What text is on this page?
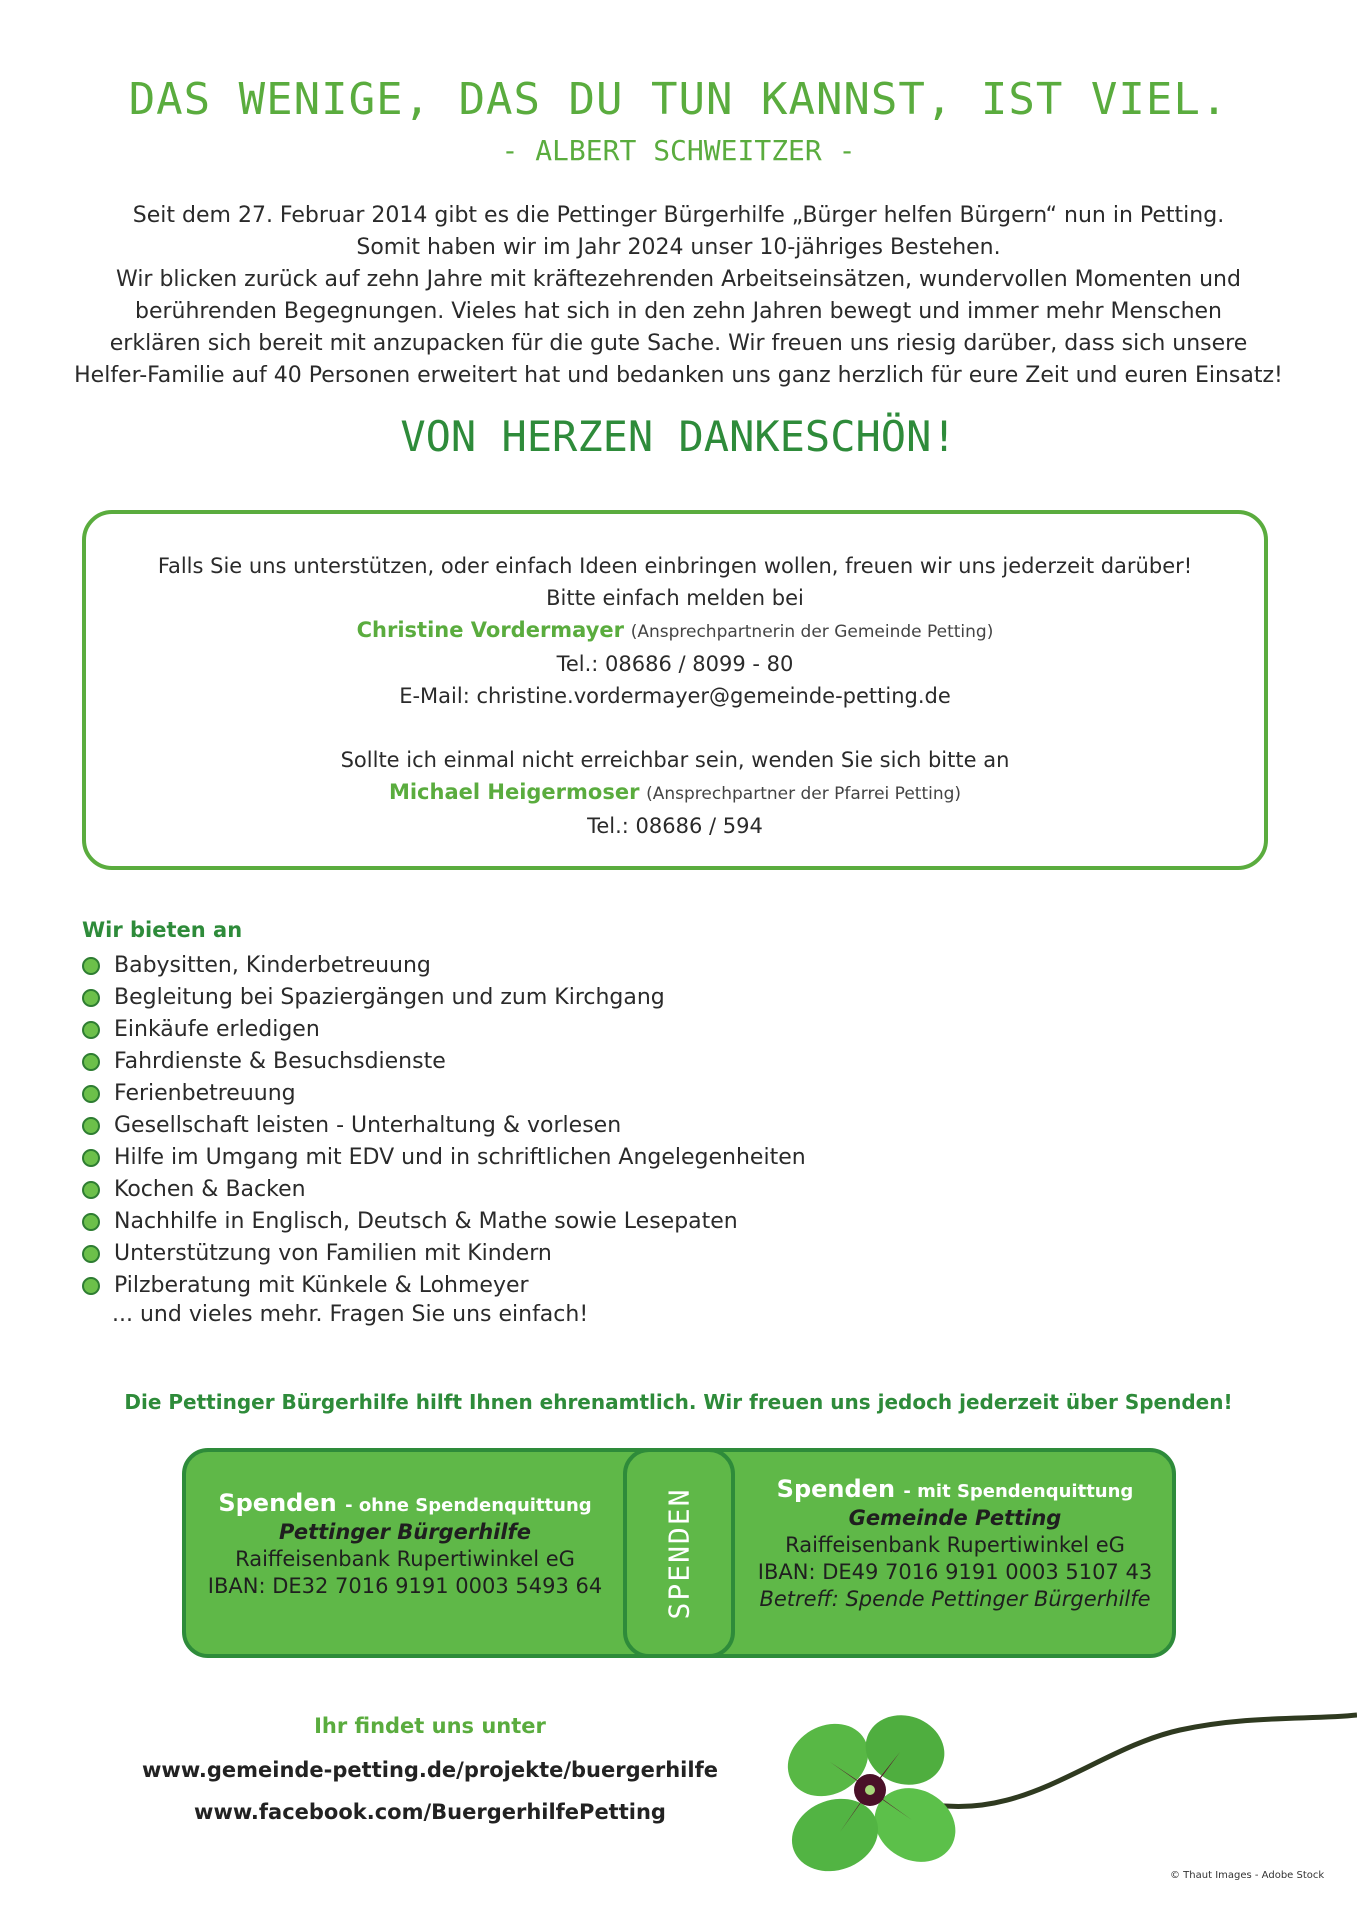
DAS WENIGE, DAS DU TUN KANNST, IST VIEL.
- ALBERT SCHWEITZER -
Seit dem 27. Februar 2014 gibt es die Pettinger Bürgerhilfe „Bürger helfen Bürgern“ nun in Petting.
Somit haben wir im Jahr 2024 unser 10-jähriges Bestehen.
Wir blicken zurück auf zehn Jahre mit kräftezehrenden Arbeitseinsätzen, wundervollen Momenten und
berührenden Begegnungen. Vieles hat sich in den zehn Jahren bewegt und immer mehr Menschen
erklären sich bereit mit anzupacken für die gute Sache. Wir freuen uns riesig darüber, dass sich unsere
Helfer-Familie auf 40 Personen erweitert hat und bedanken uns ganz herzlich für eure Zeit und euren Einsatz!
VON HERZEN DANKESCHÖN!
Falls Sie uns unterstützen, oder einfach Ideen einbringen wollen, freuen wir uns jederzeit darüber!
Bitte einfach melden bei
Christine Vordermayer (Ansprechpartnerin der Gemeinde Petting)
Tel.: 08686 / 8099 - 80
E-Mail: christine.vordermayer@gemeinde-petting.de
Sollte ich einmal nicht erreichbar sein, wenden Sie sich bitte an
Michael Heigermoser (Ansprechpartner der Pfarrei Petting)
Tel.: 08686 / 594
Wir bieten an
Babysitten, Kinderbetreuung
Begleitung bei Spaziergängen und zum Kirchgang
Einkäufe erledigen
Fahrdienste & Besuchsdienste
Ferienbetreuung
Gesellschaft leisten - Unterhaltung & vorlesen
Hilfe im Umgang mit EDV und in schriftlichen Angelegenheiten
Kochen & Backen
Nachhilfe in Englisch, Deutsch & Mathe sowie Lesepaten
Unterstützung von Familien mit Kindern
Pilzberatung mit Künkele & Lohmeyer
... und vieles mehr. Fragen Sie uns einfach!
Die Pettinger Bürgerhilfe hilft Ihnen ehrenamtlich. Wir freuen uns jedoch jederzeit über Spenden!
SPENDEN
Spenden - ohne Spendenquittung
Pettinger Bürgerhilfe
Raiffeisenbank Rupertiwinkel eG
IBAN: DE32 7016 9191 0003 5493 64
Spenden - mit Spendenquittung
Gemeinde Petting
Raiffeisenbank Rupertiwinkel eG
IBAN: DE49 7016 9191 0003 5107 43
Betreff: Spende Pettinger Bürgerhilfe
Ihr findet uns unter
www.gemeinde-petting.de/projekte/buergerhilfe
www.facebook.com/BuergerhilfePetting
© Thaut Images - Adobe Stock
